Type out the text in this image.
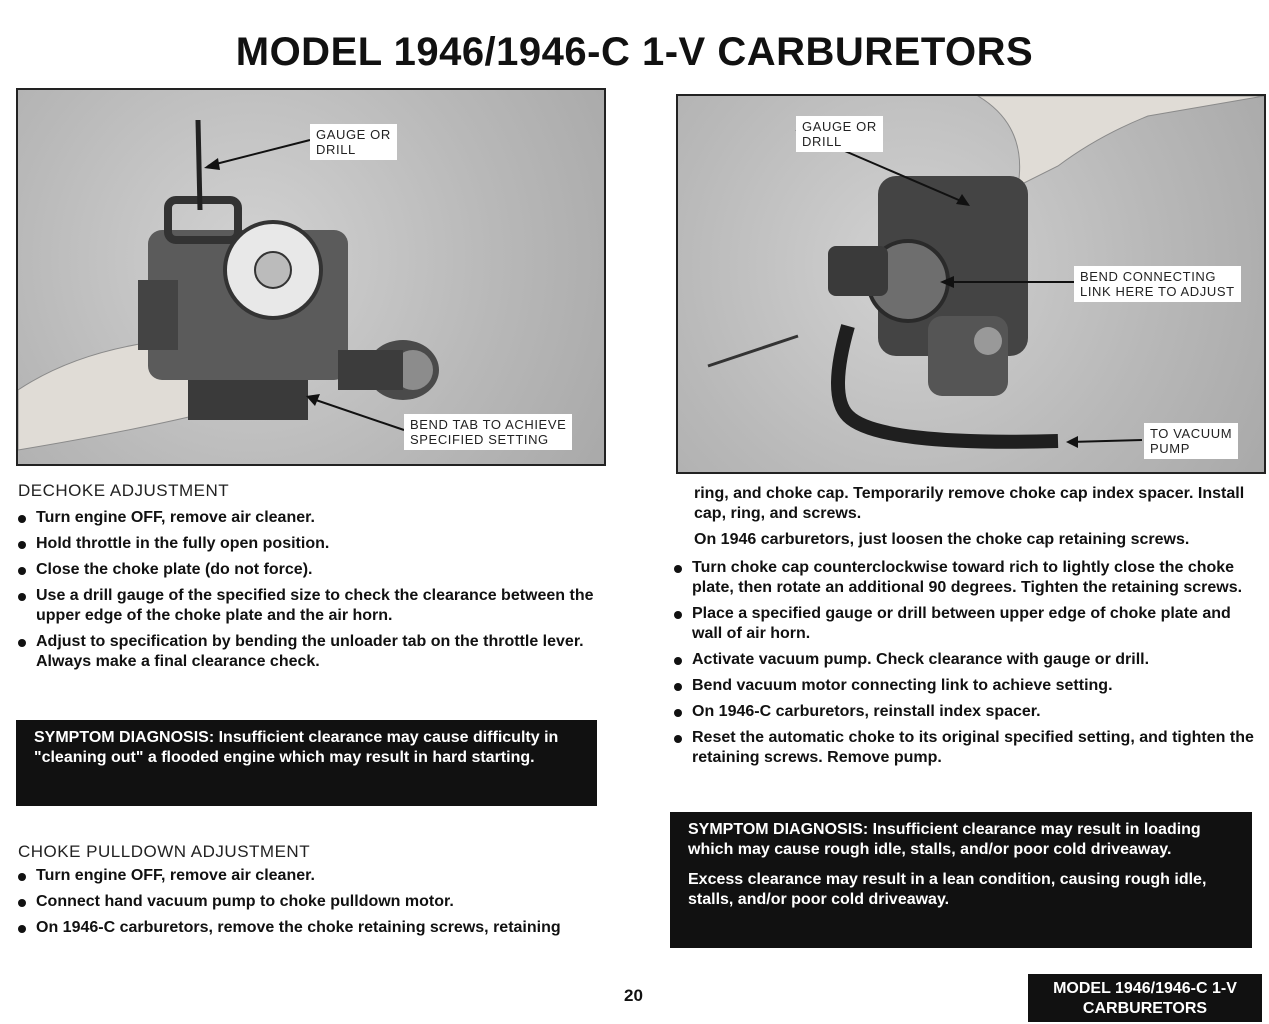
MODEL 1946/1946-C 1-V CARBURETORS
GAUGE OR
DRILL
BEND TAB TO ACHIEVE
SPECIFIED SETTING
GAUGE OR
DRILL
BEND CONNECTING
LINK HERE TO ADJUST
TO VACUUM
PUMP
DECHOKE ADJUSTMENT
Turn engine OFF, remove air cleaner.
Hold throttle in the fully open position.
Close the choke plate (do not force).
Use a drill gauge of the specified size to check the clearance between the upper edge of the choke plate and the air horn.
Adjust to specification by bending the unloader tab on the throttle lever. Always make a final clearance check.

SYMPTOM DIAGNOSIS: Insufficient clearance may cause difficulty in "cleaning out" a flooded engine which may result in hard starting.

CHOKE PULLDOWN ADJUSTMENT
Turn engine OFF, remove air cleaner.
Connect hand vacuum pump to choke pulldown motor.
On 1946-C carburetors, remove the choke retaining screws, retaining
ring, and choke cap. Temporarily remove choke cap index spacer. Install cap, ring, and screws.
On 1946 carburetors, just loosen the choke cap retaining screws.
Turn choke cap counterclockwise toward rich to lightly close the choke plate, then rotate an additional 90 degrees. Tighten the retaining screws.
Place a specified gauge or drill between upper edge of choke plate and wall of air horn.
Activate vacuum pump. Check clearance with gauge or drill.
Bend vacuum motor connecting link to achieve setting.
On 1946-C carburetors, reinstall index spacer.
Reset the automatic choke to its original specified setting, and tighten the retaining screws. Remove pump.

SYMPTOM DIAGNOSIS: Insufficient clearance may result in loading which may cause rough idle, stalls, and/or poor cold driveaway.

Excess clearance may result in a lean condition, causing rough idle, stalls, and/or poor cold driveaway.

20	MODEL 1946/1946-C 1-V
CARBURETORS
